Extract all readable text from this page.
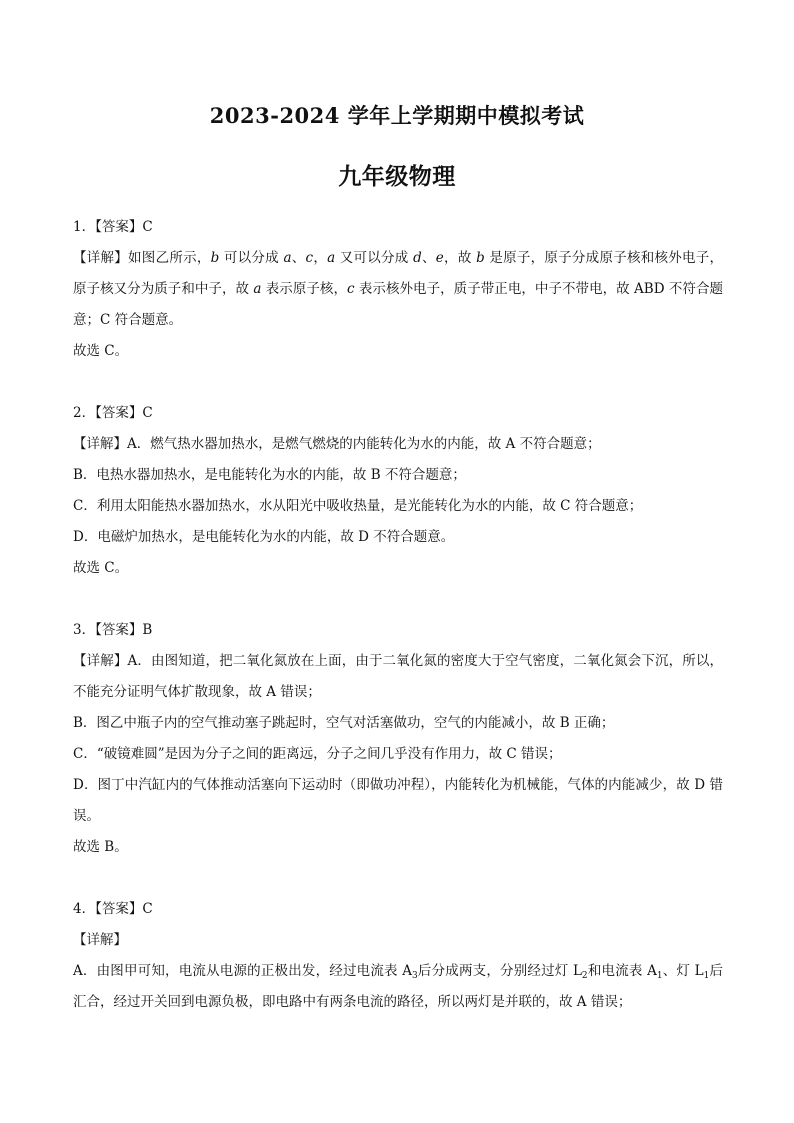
2023-2024 学年上学期期中模拟考试
九年级物理
1．【答案】C
【详解】如图乙所示，b 可以分成 a、c，a 又可以分成 d、e，故 b 是原子，原子分成原子核和核外电子，原子核又分为质子和中子，故 a 表示原子核，c 表示核外电子，质子带正电，中子不带电，故 ABD 不符合题意；C 符合题意。
故选 C。
2．【答案】C
【详解】A．燃气热水器加热水，是燃气燃烧的内能转化为水的内能，故 A 不符合题意；
B．电热水器加热水，是电能转化为水的内能，故 B 不符合题意；
C．利用太阳能热水器加热水，水从阳光中吸收热量，是光能转化为水的内能，故 C 符合题意；
D．电磁炉加热水，是电能转化为水的内能，故 D 不符合题意。
故选 C。
3．【答案】B
【详解】A．由图知道，把二氧化氮放在上面，由于二氧化氮的密度大于空气密度，二氧化氮会下沉，所以，不能充分证明气体扩散现象，故 A 错误；
B．图乙中瓶子内的空气推动塞子跳起时，空气对活塞做功，空气的内能减小，故 B 正确；
C．“破镜难圆”是因为分子之间的距离远，分子之间几乎没有作用力，故 C 错误；
D．图丁中汽缸内的气体推动活塞向下运动时（即做功冲程），内能转化为机械能，气体的内能减少，故 D 错误。
故选 B。
4．【答案】C
【详解】
A．由图甲可知，电流从电源的正极出发，经过电流表 $A_3$后分成两支，分别经过灯 $L_2$和电流表 $A_1$、灯 $L_1$后汇合，经过开关回到电源负极，即电路中有两条电流的路径，所以两灯是并联的，故 A 错误；
